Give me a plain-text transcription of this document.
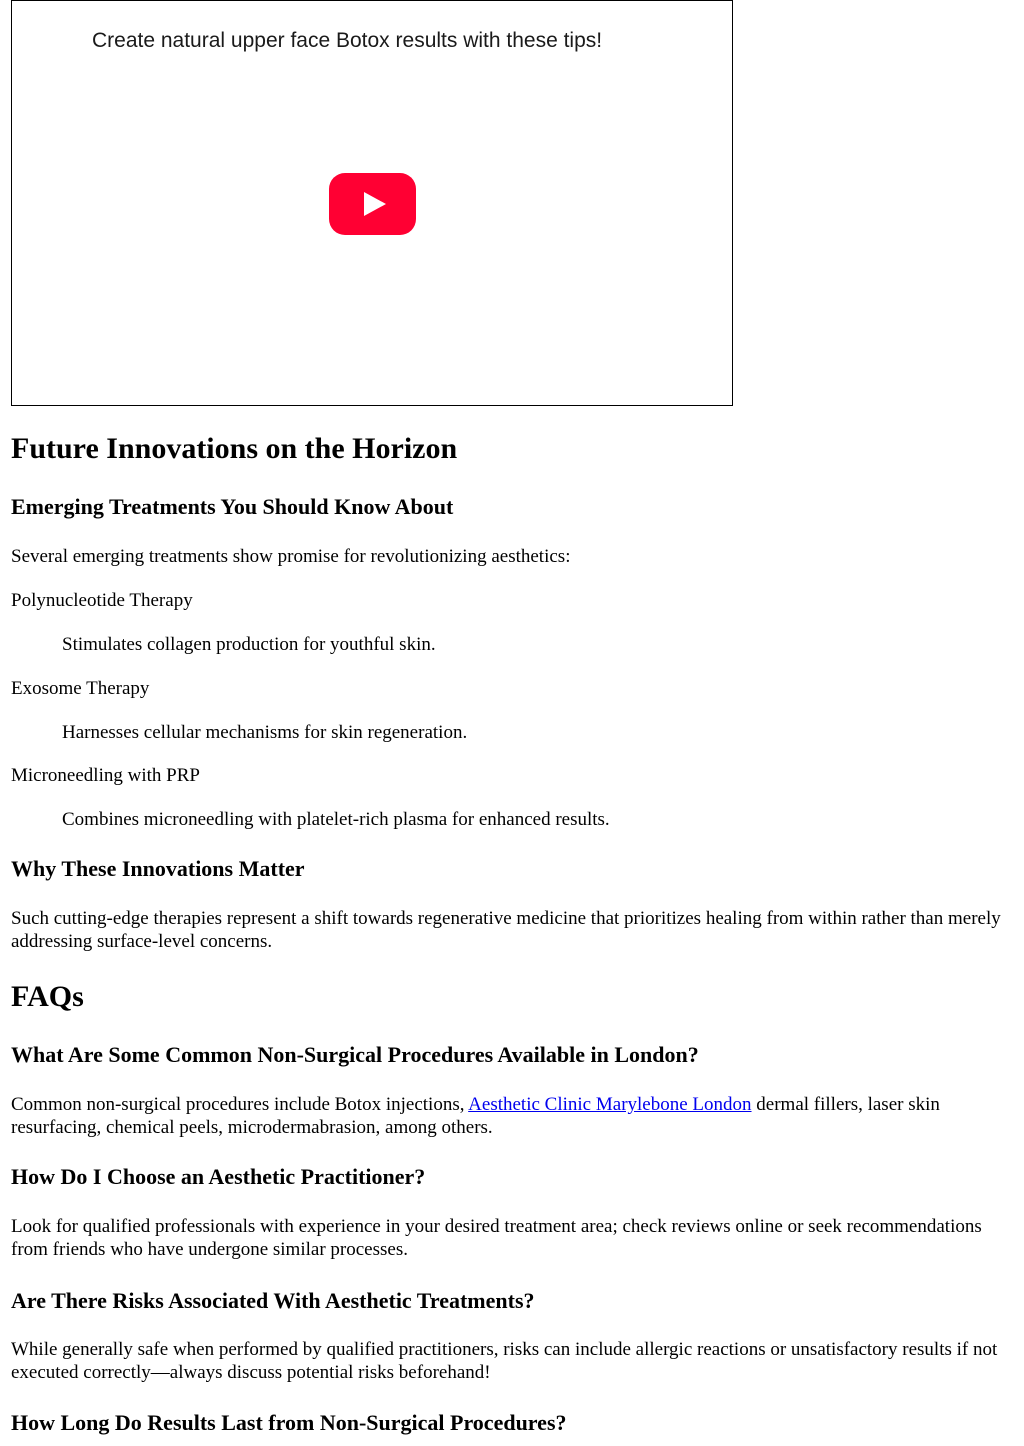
Create natural upper face Botox results with these tips!
Future Innovations on the Horizon
Emerging Treatments You Should Know About

Several emerging treatments show promise for revolutionizing aesthetics:

Polynucleotide Therapy
Stimulates collagen production for youthful skin.
Exosome Therapy
Harnesses cellular mechanisms for skin regeneration.
Microneedling with PRP
Combines microneedling with platelet-rich plasma for enhanced results.
Why These Innovations Matter

Such cutting-edge therapies represent a shift towards regenerative medicine that prioritizes healing from within rather than merely addressing surface-level concerns.

FAQs
What Are Some Common Non-Surgical Procedures Available in London?

Common non-surgical procedures include Botox injections, Aesthetic Clinic Marylebone London dermal fillers, laser skin resurfacing, chemical peels, microdermabrasion, among others.

How Do I Choose an Aesthetic Practitioner?

Look for qualified professionals with experience in your desired treatment area; check reviews online or seek recommendations from friends who have undergone similar processes.

Are There Risks Associated With Aesthetic Treatments?

While generally safe when performed by qualified practitioners, risks can include allergic reactions or unsatisfactory results if not executed correctly—always discuss potential risks beforehand!

How Long Do Results Last from Non-Surgical Procedures?
